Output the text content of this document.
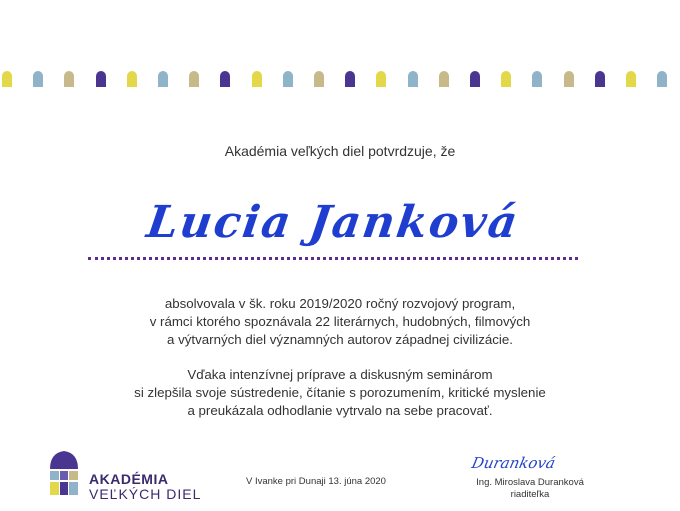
Akadémia veľkých diel potvrdzuje, že
Lucia Janková
absolvovala v šk. roku 2019/2020 ročný rozvojový program,
v rámci ktorého spoznávala 22 literárnych, hudobných, filmových
a výtvarných diel významných autorov západnej civilizácie.
Vďaka intenzívnej príprave a diskusným seminárom
si zlepšila svoje sústredenie, čítanie s porozumením, kritické myslenie
a preukázala odhodlanie vytrvalo na sebe pracovať.
AKADÉMIA
VEĽKÝCH DIEL
V Ivanke pri Dunaji 13. júna 2020
Duranková
Ing. Miroslava Duranková
riaditeľka
